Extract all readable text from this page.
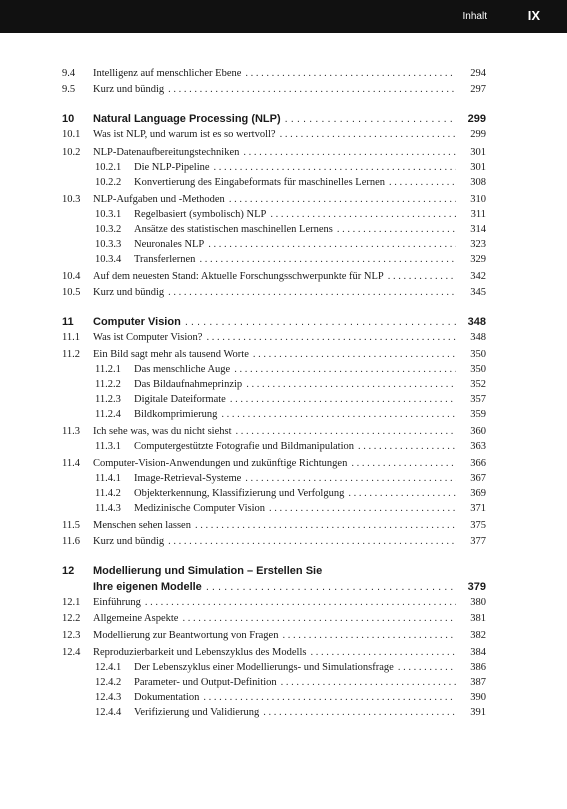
Inhalt	IX
9.4 Intelligenz auf menschlicher Ebene . . .	294
9.5 Kurz und bündig . . .	297
10 Natural Language Processing (NLP) . . .	299
10.1 Was ist NLP, und warum ist es so wertvoll? . . .	299
10.2 NLP-Datenaufbereitungstechniken . . .	301
10.2.1 Die NLP-Pipeline . . .	301
10.2.2 Konvertierung des Eingabeformats für maschinelles Lernen . . .	308
10.3 NLP-Aufgaben und -Methoden . . .	310
10.3.1 Regelbasiert (symbolisch) NLP . . .	311
10.3.2 Ansätze des statistischen maschinellen Lernens . . .	314
10.3.3 Neuronales NLP . . .	323
10.3.4 Transferlernen . . .	329
10.4 Auf dem neuesten Stand: Aktuelle Forschungsschwerpunkte für NLP . . .	342
10.5 Kurz und bündig . . .	345
11 Computer Vision . . .	348
11.1 Was ist Computer Vision? . . .	348
11.2 Ein Bild sagt mehr als tausend Worte . . .	350
11.2.1 Das menschliche Auge . . .	350
11.2.2 Das Bildaufnahmeprinzip . . .	352
11.2.3 Digitale Dateiformate . . .	357
11.2.4 Bildkomprimierung . . .	359
11.3 Ich sehe was, was du nicht siehst . . .	360
11.3.1 Computergestützte Fotografie und Bildmanipulation . . .	363
11.4 Computer-Vision-Anwendungen und zukünftige Richtungen . . .	366
11.4.1 Image-Retrieval-Systeme . . .	367
11.4.2 Objekterkennung, Klassifizierung und Verfolgung . . .	369
11.4.3 Medizinische Computer Vision . . .	371
11.5 Menschen sehen lassen . . .	375
11.6 Kurz und bündig . . .	377
12 Modellierung und Simulation – Erstellen Sie
Ihre eigenen Modelle . . .	379
12.1 Einführung . . .	380
12.2 Allgemeine Aspekte . . .	381
12.3 Modellierung zur Beantwortung von Fragen . . .	382
12.4 Reproduzierbarkeit und Lebenszyklus des Modells . . .	384
12.4.1 Der Lebenszyklus einer Modellierungs- und Simulationsfrage . . .	386
12.4.2 Parameter- und Output-Definition . . .	387
12.4.3 Dokumentation . . .	390
12.4.4 Verifizierung und Validierung . . .	391
